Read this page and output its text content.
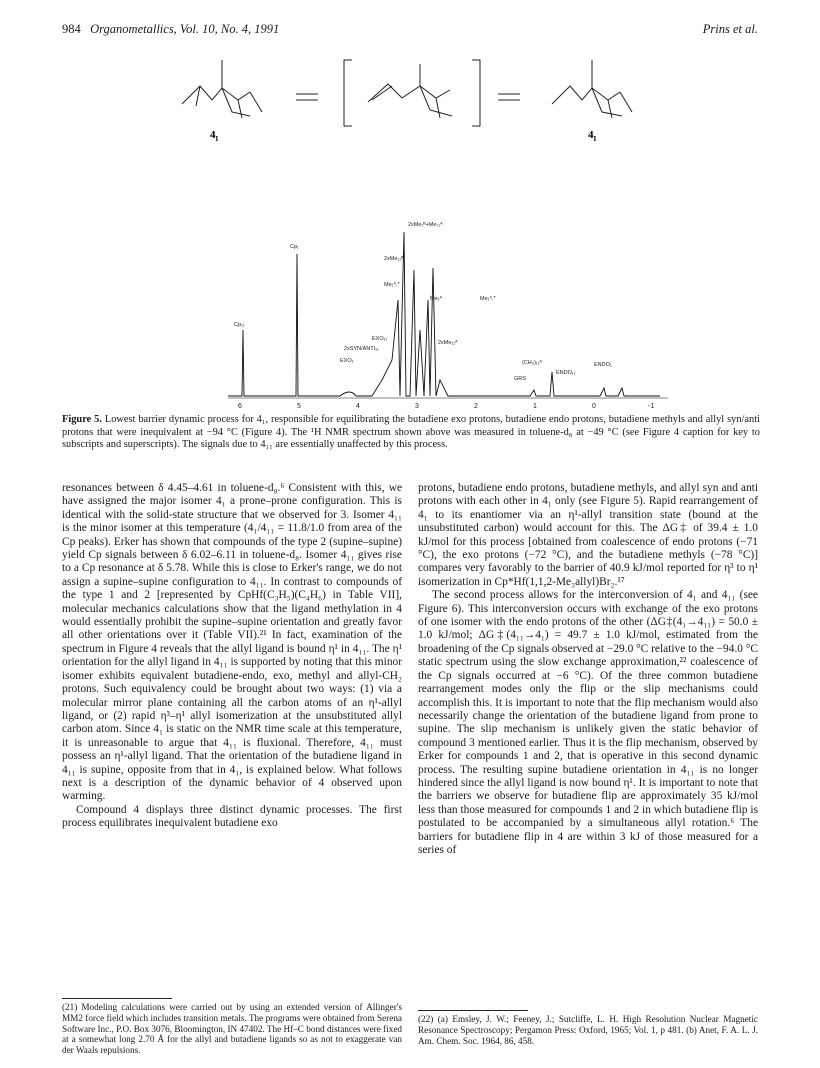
984 Organometallics, Vol. 10, No. 4, 1991	Prins et al.
$4_I$	$4_I$
6	5	4	3	2	1	0	-1
Cp₁
Cp₁₁
2xMe₁ᴮ+Me₁₁ᴬ
2xMe₁₁ᴮ
Me₁ᴬ,ᵀ
Me₁ᴬ	Me₁ᴬ,ᵀ
2xMe₁₁ᴬ
EXO₁₁
2xSYN/ANTI₁₁
EXO₁	(CH₃)₁₁ᴬ	ENDO₁
ENDO₁₁
GRS
Figure 5. Lowest barrier dynamic process for 4₁, responsible for equilibrating the butadiene exo protons, butadiene endo protons, butadiene methyls and allyl syn/anti protons that were inequivalent at −94 °C (Figure 4). The ¹H NMR spectrum shown above was measured in toluene-d₈ at −49 °C (see Figure 4 caption for key to subscripts and superscripts). The signals due to 4₁₁ are essentially unaffected by this process.

resonances between δ 4.45–4.61 in toluene-d₈.⁶ Consistent with this, we have assigned the major isomer 4₁ a prone–prone configuration. This is identical with the solid-state structure that we observed for 3. Isomer 4₁₁ is the minor isomer at this temperature (4₁/4₁₁ = 11.8/1.0 from area of the Cp peaks). Erker has shown that compounds of the type 2 (supine–supine) yield Cp signals between δ 6.02–6.11 in toluene-d₈. Isomer 4₁₁ gives rise to a Cp resonance at δ 5.78. While this is close to Erker's range, we do not assign a supine–supine configuration to 4₁₁. In contrast to compounds of the type 1 and 2 [represented by CpHf(C₃H₅)(C₄H₆) in Table VII], molecular mechanics calculations show that the ligand methylation in 4 would essentially prohibit the supine–supine orientation and greatly favor all other orientations over it (Table VII).²¹ In fact, examination of the spectrum in Figure 4 reveals that the allyl ligand is bound η¹ in 4₁₁. The η¹ orientation for the allyl ligand in 4₁₁ is supported by noting that this minor isomer exhibits equivalent butadiene-endo, exo, methyl and allyl-CH₂ protons. Such equivalency could be brought about two ways: (1) via a molecular mirror plane containing all the carbon atoms of an η¹-allyl ligand, or (2) rapid η³–η¹ allyl isomerization at the unsubstituted allyl carbon atom. Since 4₁ is static on the NMR time scale at this temperature, it is unreasonable to argue that 4₁₁ is fluxional. Therefore, 4₁₁ must possess an η¹-allyl ligand. That the orientation of the butadiene ligand in 4₁₁ is supine, opposite from that in 4₁, is explained below. What follows next is a description of the dynamic behavior of 4 observed upon warming.

Compound 4 displays three distinct dynamic processes. The first process equilibrates inequivalent butadiene exo

protons, butadiene endo protons, butadiene methyls, and allyl syn and anti protons with each other in 4₁ only (see Figure 5). Rapid rearrangement of 4₁ to its enantiomer via an η¹-allyl transition state (bound at the unsubstituted carbon) would account for this. The ΔG‡ of 39.4 ± 1.0 kJ/mol for this process [obtained from coalescence of endo protons (−71 °C), the exo protons (−72 °C), and the butadiene methyls (−78 °C)] compares very favorably to the barrier of 40.9 kJ/mol reported for η³ to η¹ isomerization in Cp*Hf(1,1,2-Me₃allyl)Br₂.¹⁷

The second process allows for the interconversion of 4₁ and 4₁₁ (see Figure 6). This interconversion occurs with exchange of the exo protons of one isomer with the endo protons of the other (ΔG‡(4₁→4₁₁) = 50.0 ± 1.0 kJ/mol; ΔG‡(4₁₁→4₁) = 49.7 ± 1.0 kJ/mol, estimated from the broadening of the Cp signals observed at −29.0 °C relative to the −94.0 °C static spectrum using the slow exchange approximation,²² coalescence of the Cp signals occurred at −6 °C). Of the three common butadiene rearrangement modes only the flip or the slip mechanisms could accomplish this. It is important to note that the flip mechanism would also necessarily change the orientation of the butadiene ligand from prone to supine. The slip mechanism is unlikely given the static behavior of compound 3 mentioned earlier. Thus it is the flip mechanism, observed by Erker for compounds 1 and 2, that is operative in this second dynamic process. The resulting supine butadiene orientation in 4₁₁ is no longer hindered since the allyl ligand is now bound η¹. It is important to note that the barriers we observe for butadiene flip are approximately 35 kJ/mol less than those measured for compounds 1 and 2 in which butadiene flip is postulated to be accompanied by a simultaneous allyl rotation.⁶ The barriers for butadiene flip in 4 are within 3 kJ of those measured for a series of

(21) Modeling calculations were carried out by using an extended version of Allinger's MM2 force field which includes transition metals. The programs were obtained from Serena Software Inc., P.O. Box 3076, Bloomington, IN 47402. The Hf–C bond distances were fixed at a somewhat long 2.70 Å for the allyl and butadiene ligands so as not to exaggerate van der Waals repulsions.
(22) (a) Emsley, J. W.; Feeney, J.; Sutcliffe, L. H. High Resolution Nuclear Magnetic Resonance Spectroscopy; Pergamon Press: Oxford, 1965; Vol. 1, p 481. (b) Anet, F. A. L. J. Am. Chem. Soc. 1964, 86, 458.
